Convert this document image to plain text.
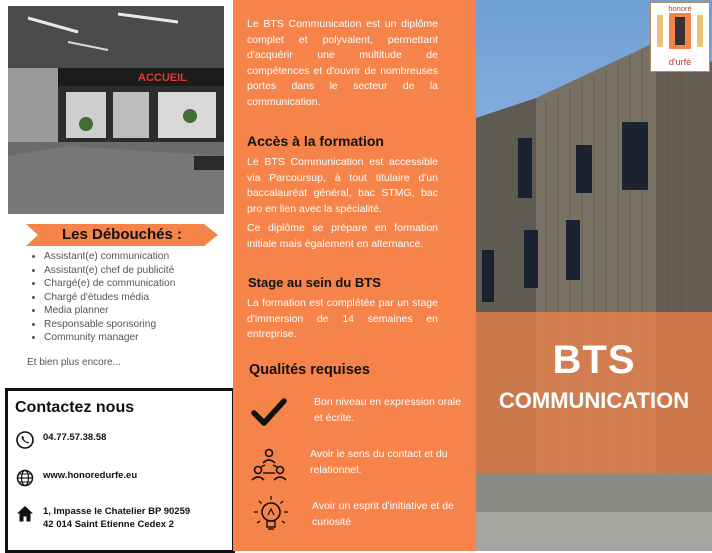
ACCUEIL
Les Débouchés :
• Assistant(e) communication
• Assistant(e) chef de publicité
• Chargé(e) de communication
• Chargé d'études média
• Media planner
• Responsable sponsoring
• Community manager
Et bien plus encore...
Contactez nous
04.77.57.38.58
www.honoredurfe.eu
1, Impasse le Chatelier BP 90259
42 014 Saint Etienne Cedex 2
Le BTS Communication est un diplôme complet et polyvalent, permettant d'acquérir une multitude de compétences et d'ouvrir de nombreuses portes dans le secteur de la communication.
Accès à la formation
Le BTS Communication est accessible via Parcoursup, à tout titulaire d'un baccalauréat général, bac STMG, bac pro en lien avec la spécialité.
Ce diplôme se prépare en formation initiale mais également en alternance.
Stage au sein du BTS
La formation est complétée par un stage d'immersion de 14 semaines en entreprise.
Qualités requises
Bon niveau en expression orale et écrite.
Avoir le sens du contact et du relationnel.
Avoir un esprit d'initiative et de curiosité
BTS
COMMUNICATION
honoré
d'urfé
